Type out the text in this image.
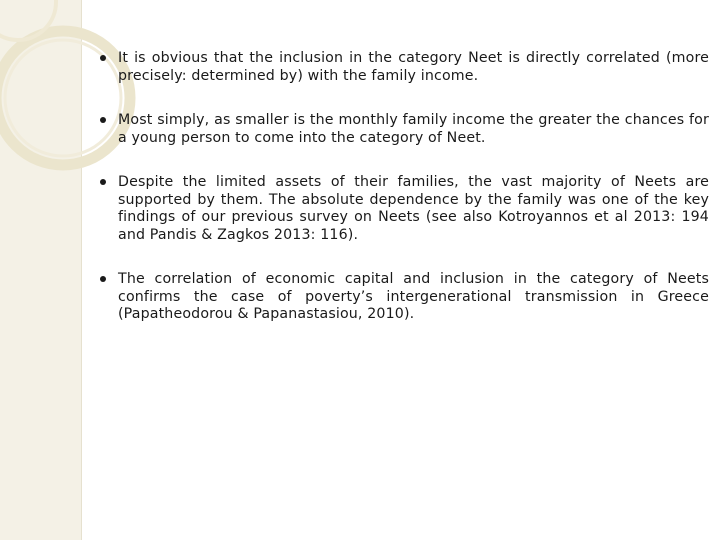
It is obvious that the inclusion in the category Neet is directly correlated (more precisely: determined by) with the family income.
Most simply, as smaller is the monthly family income the greater the chances for a young person to come into the category of Neet.
Despite the limited assets of their families, the vast majority of Neets are supported by them. The absolute dependence by the family was one of the key findings of our previous survey on Neets (see also Kotroyannos et al 2013: 194 and Pandis & Zagkos 2013: 116).
The correlation of economic capital and inclusion in the category of Neets confirms the case of poverty’s intergenerational transmission in Greece (Papatheodorou & Papanastasiou, 2010).
